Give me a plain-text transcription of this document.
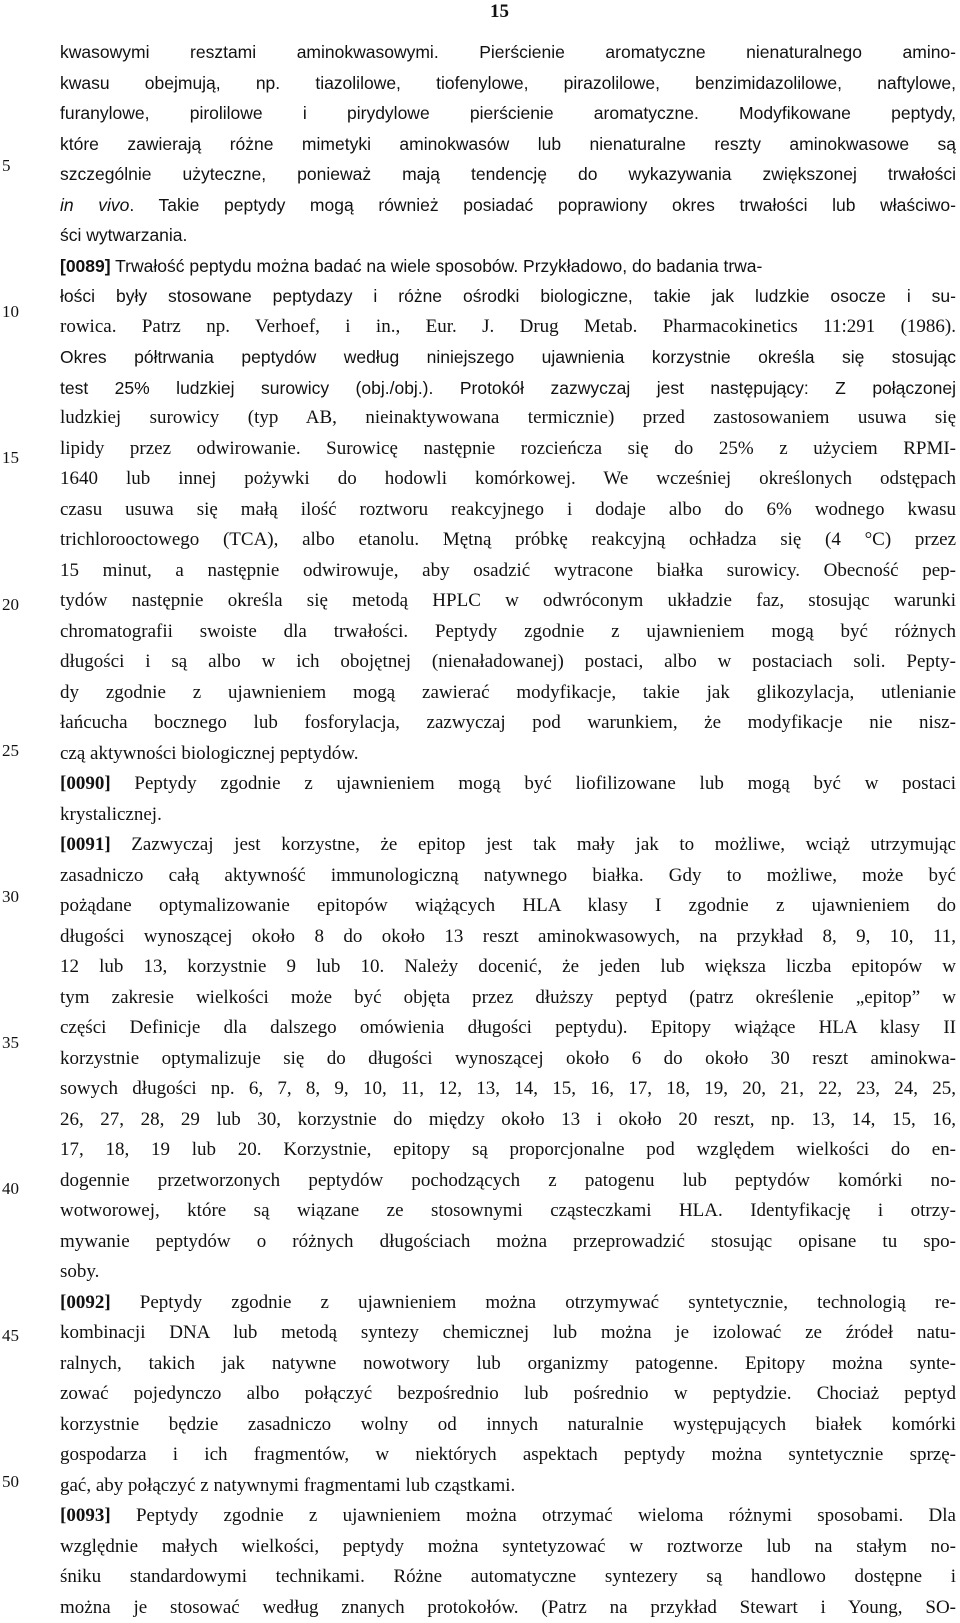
15
5
10
15
20
25
30
35
40
45
50
kwasowymi resztami aminokwasowymi. Pierścienie aromatyczne nienaturalnego amino-
kwasu obejmują, np. tiazolilowe, tiofenylowe, pirazolilowe, benzimidazolilowe, naftylowe,
furanylowe, pirolilowe i pirydylowe pierścienie aromatyczne. Modyfikowane peptydy,
które zawierają różne mimetyki aminokwasów lub nienaturalne reszty aminokwasowe są
szczególnie użyteczne, ponieważ mają tendencję do wykazywania zwiększonej trwałości
in vivo. Takie peptydy mogą również posiadać poprawiony okres trwałości lub właściwo-
ści wytwarzania.
[0089] Trwałość peptydu można badać na wiele sposobów. Przykładowo, do badania trwa-
łości były stosowane peptydazy i różne ośrodki biologiczne, takie jak ludzkie osocze i su-
rowica. Patrz np. Verhoef, i in., Eur. J. Drug Metab. Pharmacokinetics 11:291 (1986).
Okres półtrwania peptydów według niniejszego ujawnienia korzystnie określa się stosując
test 25% ludzkiej surowicy (obj./obj.). Protokół zazwyczaj jest następujący: Z połączonej
ludzkiej surowicy (typ AB, nieinaktywowana termicznie) przed zastosowaniem usuwa się
lipidy przez odwirowanie. Surowicę następnie rozcieńcza się do 25% z użyciem RPMI-
1640 lub innej pożywki do hodowli komórkowej. We wcześniej określonych odstępach
czasu usuwa się małą ilość roztworu reakcyjnego i dodaje albo do 6% wodnego kwasu
trichlorooctowego (TCA), albo etanolu. Mętną próbkę reakcyjną ochładza się (4 °C) przez
15 minut, a następnie odwirowuje, aby osadzić wytracone białka surowicy. Obecność pep-
tydów następnie określa się metodą HPLC w odwróconym układzie faz, stosując warunki
chromatografii swoiste dla trwałości. Peptydy zgodnie z ujawnieniem mogą być różnych
długości i są albo w ich obojętnej (nienaładowanej) postaci, albo w postaciach soli. Pepty-
dy zgodnie z ujawnieniem mogą zawierać modyfikacje, takie jak glikozylacja, utlenianie
łańcucha bocznego lub fosforylacja, zazwyczaj pod warunkiem, że modyfikacje nie nisz-
czą aktywności biologicznej peptydów.
[0090] Peptydy zgodnie z ujawnieniem mogą być liofilizowane lub mogą być w postaci
krystalicznej.
[0091] Zazwyczaj jest korzystne, że epitop jest tak mały jak to możliwe, wciąż utrzymując
zasadniczo całą aktywność immunologiczną natywnego białka. Gdy to możliwe, może być
pożądane optymalizowanie epitopów wiążących HLA klasy I zgodnie z ujawnieniem do
długości wynoszącej około 8 do około 13 reszt aminokwasowych, na przykład 8, 9, 10, 11,
12 lub 13, korzystnie 9 lub 10. Należy docenić, że jeden lub większa liczba epitopów w
tym zakresie wielkości może być objęta przez dłuższy peptyd (patrz określenie „epitop” w
części Definicje dla dalszego omówienia długości peptydu). Epitopy wiążące HLA klasy II
korzystnie optymalizuje się do długości wynoszącej około 6 do około 30 reszt aminokwa-
sowych długości np. 6, 7, 8, 9, 10, 11, 12, 13, 14, 15, 16, 17, 18, 19, 20, 21, 22, 23, 24, 25,
26, 27, 28, 29 lub 30, korzystnie do między około 13 i około 20 reszt, np. 13, 14, 15, 16,
17, 18, 19 lub 20. Korzystnie, epitopy są proporcjonalne pod względem wielkości do en-
dogennie przetworzonych peptydów pochodzących z patogenu lub peptydów komórki no-
wotworowej, które są wiązane ze stosownymi cząsteczkami HLA. Identyfikację i otrzy-
mywanie peptydów o różnych długościach można przeprowadzić stosując opisane tu spo-
soby.
[0092] Peptydy zgodnie z ujawnieniem można otrzymywać syntetycznie, technologią re-
kombinacji DNA lub metodą syntezy chemicznej lub można je izolować ze źródeł natu-
ralnych, takich jak natywne nowotwory lub organizmy patogenne. Epitopy można synte-
zować pojedynczo albo połączyć bezpośrednio lub pośrednio w peptydzie. Chociaż peptyd
korzystnie będzie zasadniczo wolny od innych naturalnie występujących białek komórki
gospodarza i ich fragmentów, w niektórych aspektach peptydy można syntetycznie sprzę-
gać, aby połączyć z natywnymi fragmentami lub cząstkami.
[0093] Peptydy zgodnie z ujawnieniem można otrzymać wieloma różnymi sposobami. Dla
względnie małych wielkości, peptydy można syntetyzować w roztworze lub na stałym no-
śniku standardowymi technikami. Różne automatyczne syntezery są handlowo dostępne i
można je stosować według znanych protokołów. (Patrz na przykład Stewart i Young, SO-
